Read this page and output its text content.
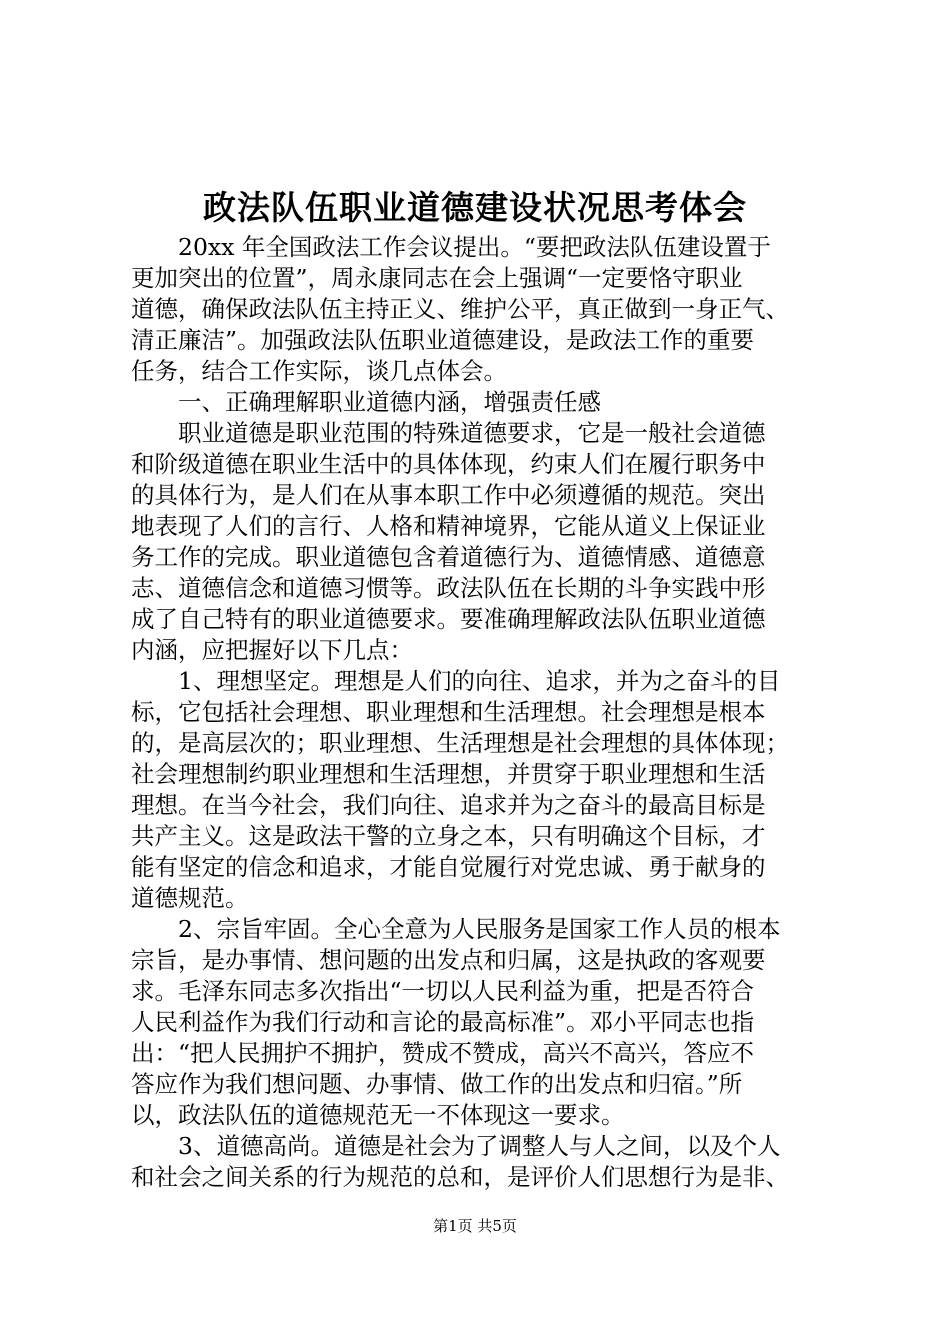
政法队伍职业道德建设状况思考体会
20xx 年全国政法工作会议提出。“要把政法队伍建设置于
更加突出的位置”，周永康同志在会上强调“一定要恪守职业
道德，确保政法队伍主持正义、维护公平，真正做到一身正气、
清正廉洁”。加强政法队伍职业道德建设，是政法工作的重要
任务，结合工作实际，谈几点体会。
一、正确理解职业道德内涵，增强责任感
职业道德是职业范围的特殊道德要求，它是一般社会道德
和阶级道德在职业生活中的具体体现，约束人们在履行职务中
的具体行为，是人们在从事本职工作中必须遵循的规范。突出
地表现了人们的言行、人格和精神境界，它能从道义上保证业
务工作的完成。职业道德包含着道德行为、道德情感、道德意
志、道德信念和道德习惯等。政法队伍在长期的斗争实践中形
成了自己特有的职业道德要求。要准确理解政法队伍职业道德
内涵，应把握好以下几点：
1、理想坚定。理想是人们的向往、追求，并为之奋斗的目
标，它包括社会理想、职业理想和生活理想。社会理想是根本
的，是高层次的；职业理想、生活理想是社会理想的具体体现；
社会理想制约职业理想和生活理想，并贯穿于职业理想和生活
理想。在当今社会，我们向往、追求并为之奋斗的最高目标是
共产主义。这是政法干警的立身之本，只有明确这个目标，才
能有坚定的信念和追求，才能自觉履行对党忠诚、勇于献身的
道德规范。
2、宗旨牢固。全心全意为人民服务是国家工作人员的根本
宗旨，是办事情、想问题的出发点和归属，这是执政的客观要
求。毛泽东同志多次指出“一切以人民利益为重，把是否符合
人民利益作为我们行动和言论的最高标准”。邓小平同志也指
出：“把人民拥护不拥护，赞成不赞成，高兴不高兴，答应不
答应作为我们想问题、办事情、做工作的出发点和归宿。”所
以，政法队伍的道德规范无一不体现这一要求。
3、道德高尚。道德是社会为了调整人与人之间，以及个人
和社会之间关系的行为规范的总和，是评价人们思想行为是非、
第1页 共5页
